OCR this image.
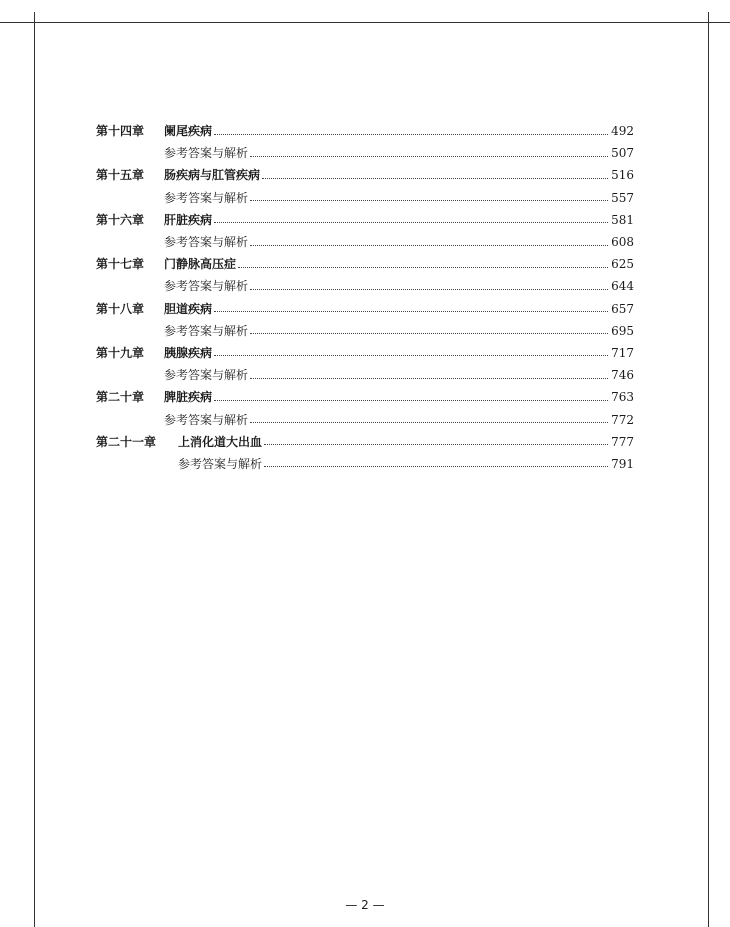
第十四章	阑尾疾病	492
参考答案与解析	507
第十五章	肠疾病与肛管疾病	516
参考答案与解析	557
第十六章	肝脏疾病	581
参考答案与解析	608
第十七章	门静脉高压症	625
参考答案与解析	644
第十八章	胆道疾病	657
参考答案与解析	695
第十九章	胰腺疾病	717
参考答案与解析	746
第二十章	脾脏疾病	763
参考答案与解析	772
第二十一章	上消化道大出血	777
参考答案与解析	791
— 2 —
